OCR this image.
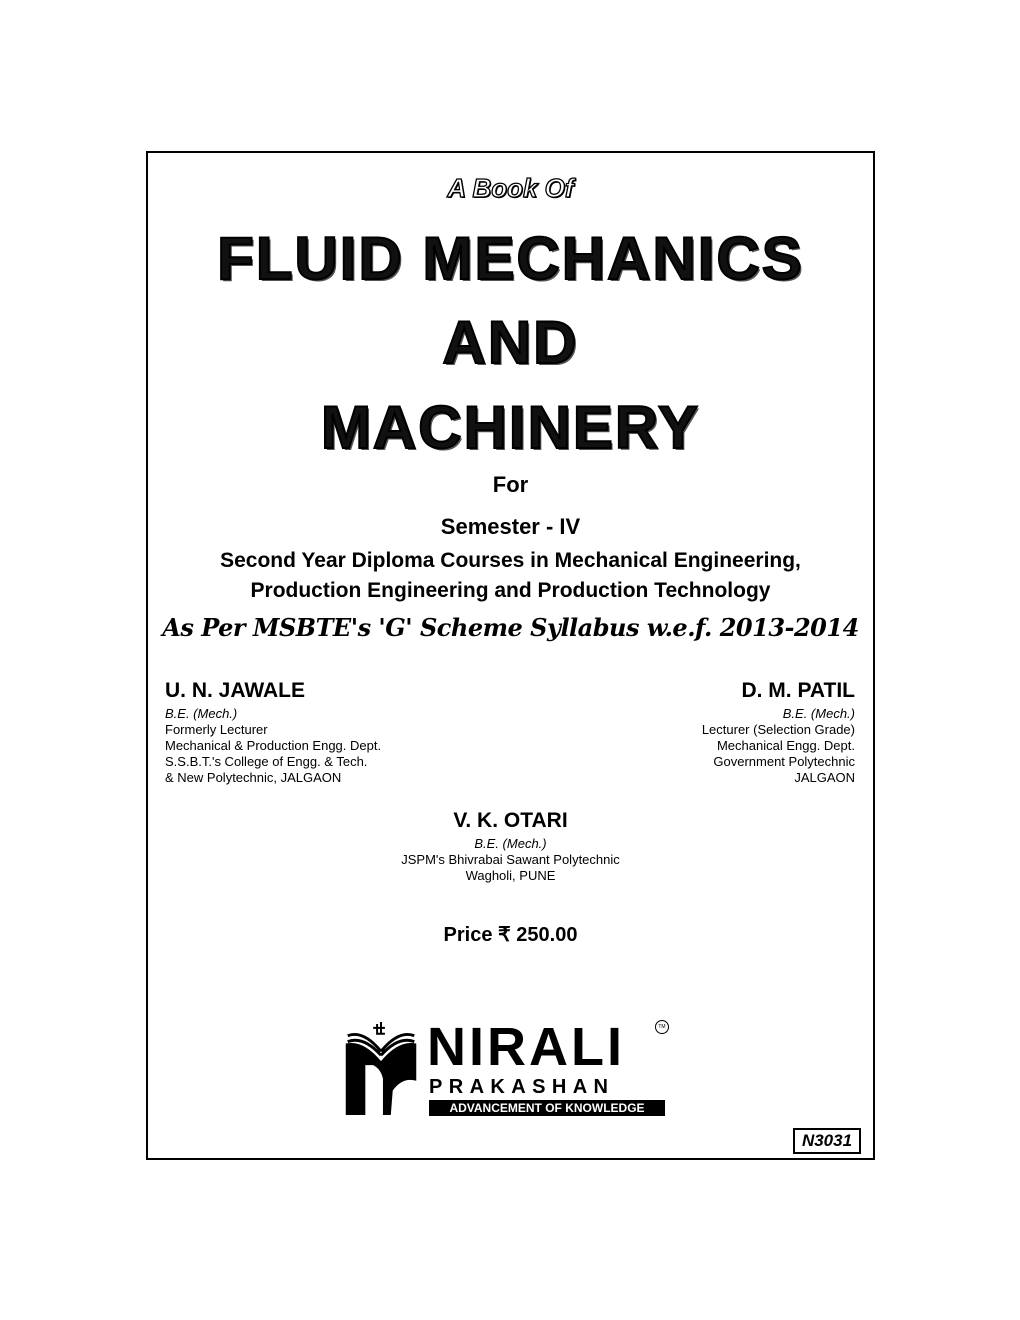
A Book Of
FLUID MECHANICS
AND
MACHINERY
For
Semester - IV
Second Year Diploma Courses in Mechanical Engineering,
Production Engineering and Production Technology
As Per MSBTE's 'G' Scheme Syllabus w.e.f. 2013-2014
U. N. JAWALE
B.E. (Mech.)
Formerly Lecturer
Mechanical & Production Engg. Dept.
S.S.B.T.'s College of Engg. & Tech.
& New Polytechnic, JALGAON
D. M. PATIL
B.E. (Mech.)
Lecturer (Selection Grade)
Mechanical Engg. Dept.
Government Polytechnic
JALGAON
V. K. OTARI
B.E. (Mech.)
JSPM's Bhivrabai Sawant Polytechnic
Wagholi, PUNE
Price ₹ 250.00
NIRALI	TM
PRAKASHAN
ADVANCEMENT OF KNOWLEDGE
N3031
